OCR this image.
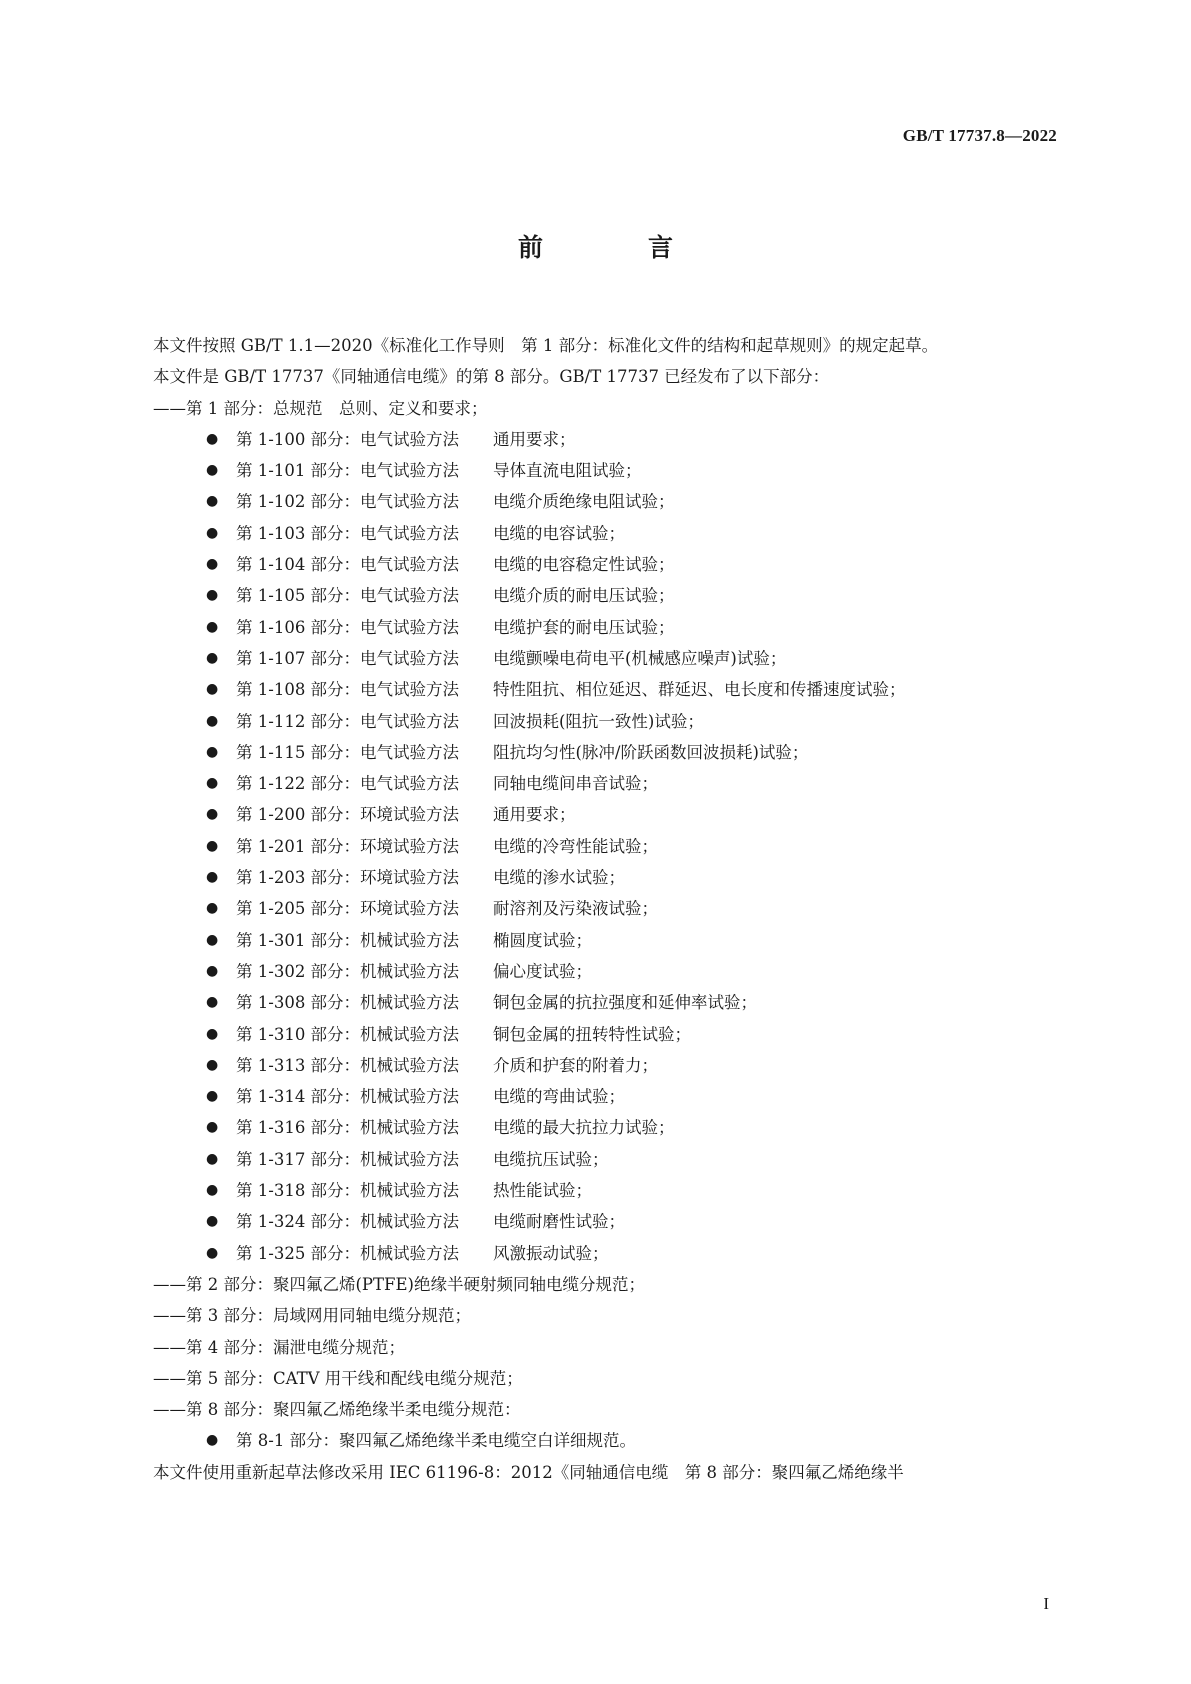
GB/T 17737.8—2022
前　言

本文件按照 GB/T 1.1—2020《标准化工作导则　第 1 部分：标准化文件的结构和起草规则》的规定起草。

本文件是 GB/T 17737《同轴通信电缆》的第 8 部分。GB/T 17737 已经发布了以下部分：

——第 1 部分：总规范　总则、定义和要求；

● 第 1-100 部分：电气试验方法 通用要求；

● 第 1-101 部分：电气试验方法 导体直流电阻试验；

● 第 1-102 部分：电气试验方法 电缆介质绝缘电阻试验；

● 第 1-103 部分：电气试验方法 电缆的电容试验；

● 第 1-104 部分：电气试验方法 电缆的电容稳定性试验；

● 第 1-105 部分：电气试验方法 电缆介质的耐电压试验；

● 第 1-106 部分：电气试验方法 电缆护套的耐电压试验；

● 第 1-107 部分：电气试验方法 电缆颤噪电荷电平(机械感应噪声)试验；

● 第 1-108 部分：电气试验方法 特性阻抗、相位延迟、群延迟、电长度和传播速度试验；

● 第 1-112 部分：电气试验方法 回波损耗(阻抗一致性)试验；

● 第 1-115 部分：电气试验方法 阻抗均匀性(脉冲/阶跃函数回波损耗)试验；

● 第 1-122 部分：电气试验方法 同轴电缆间串音试验；

● 第 1-200 部分：环境试验方法 通用要求；

● 第 1-201 部分：环境试验方法 电缆的冷弯性能试验；

● 第 1-203 部分：环境试验方法 电缆的渗水试验；

● 第 1-205 部分：环境试验方法 耐溶剂及污染液试验；

● 第 1-301 部分：机械试验方法 椭圆度试验；

● 第 1-302 部分：机械试验方法 偏心度试验；

● 第 1-308 部分：机械试验方法 铜包金属的抗拉强度和延伸率试验；

● 第 1-310 部分：机械试验方法 铜包金属的扭转特性试验；

● 第 1-313 部分：机械试验方法 介质和护套的附着力；

● 第 1-314 部分：机械试验方法 电缆的弯曲试验；

● 第 1-316 部分：机械试验方法 电缆的最大抗拉力试验；

● 第 1-317 部分：机械试验方法 电缆抗压试验；

● 第 1-318 部分：机械试验方法 热性能试验；

● 第 1-324 部分：机械试验方法 电缆耐磨性试验；

● 第 1-325 部分：机械试验方法 风激振动试验；

——第 2 部分：聚四氟乙烯(PTFE)绝缘半硬射频同轴电缆分规范；

——第 3 部分：局域网用同轴电缆分规范；

——第 4 部分：漏泄电缆分规范；

——第 5 部分：CATV 用干线和配线电缆分规范；

——第 8 部分：聚四氟乙烯绝缘半柔电缆分规范：

● 第 8-1 部分：聚四氟乙烯绝缘半柔电缆空白详细规范。

本文件使用重新起草法修改采用 IEC 61196-8：2012《同轴通信电缆　第 8 部分：聚四氟乙烯绝缘半

I
